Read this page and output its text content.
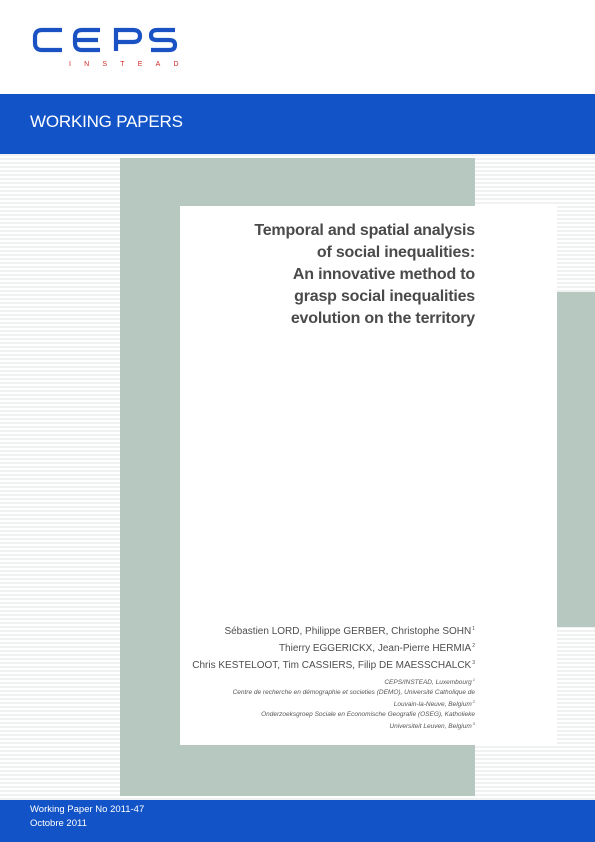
INSTEAD
WORKING PAPERS
Temporal and spatial analysis
of social inequalities:
An innovative method to
grasp social inequalities
evolution on the territory
Sébastien LORD, Philippe GERBER, Christophe SOHN$^1$
Thierry EGGERICKX, Jean-Pierre HERMIA$^2$
Chris KESTELOOT, Tim CASSIERS, Filip DE MAESSCHALCK$^3$
CEPS/INSTEAD, Luxembourg$^1$
Centre de recherche en démographie et societies (DEMO), Université Catholique de
Louvain-la-Neuve, Belgium$^2$
Onderzoeksgroep Sociale en Economische Geografie (OSEG), Katholieke
Universiteit Leuven, Belgium$^3$
Working Paper No 2011-47
Octobre 2011
